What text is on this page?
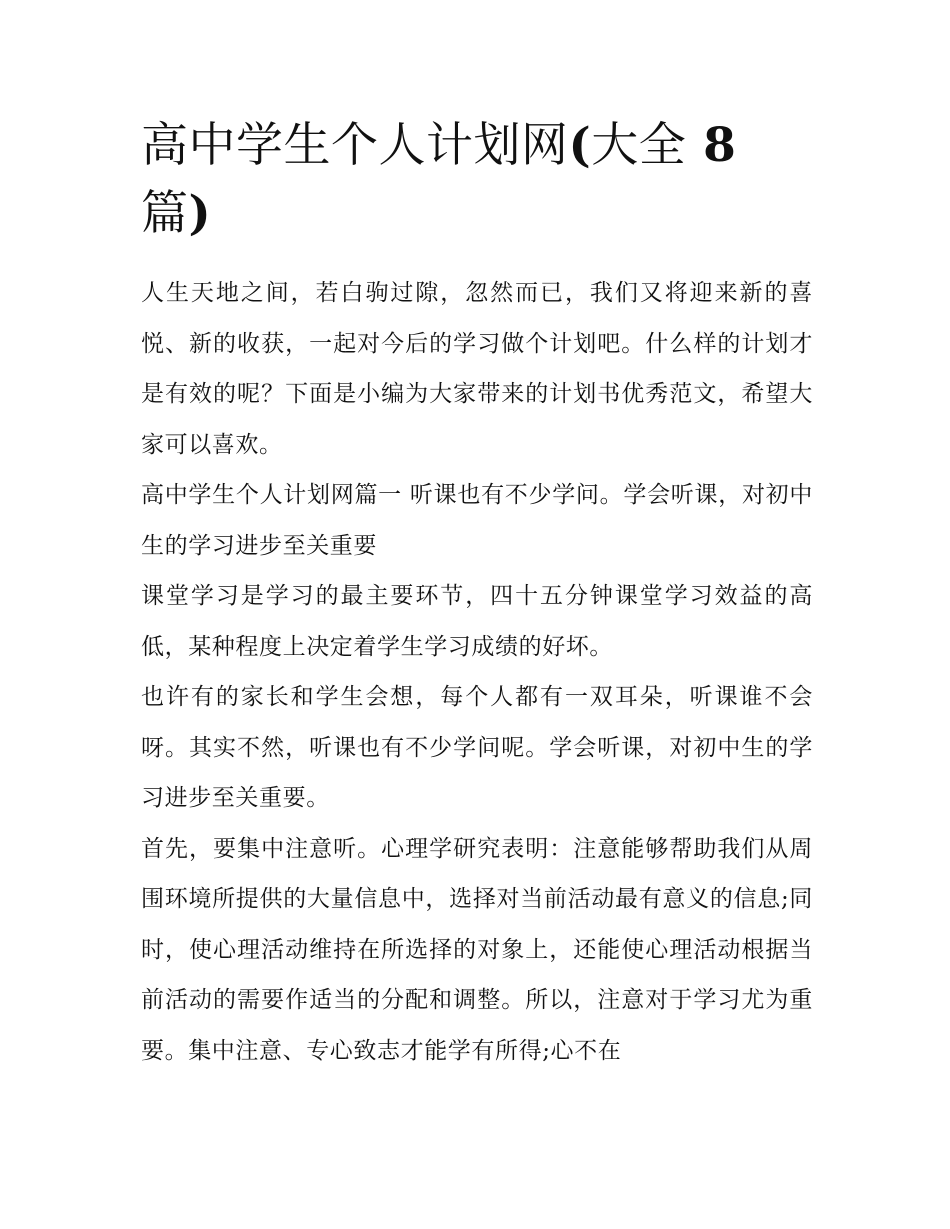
高中学生个人计划网(大全 8
篇)

人生天地之间，若白驹过隙，忽然而已，我们又将迎来新的喜悦、新的收获，一起对今后的学习做个计划吧。什么样的计划才是有效的呢？下面是小编为大家带来的计划书优秀范文，希望大家可以喜欢。

高中学生个人计划网篇一 听课也有不少学问。学会听课，对初中生的学习进步至关重要

课堂学习是学习的最主要环节，四十五分钟课堂学习效益的高低，某种程度上决定着学生学习成绩的好坏。

也许有的家长和学生会想，每个人都有一双耳朵，听课谁不会呀。其实不然，听课也有不少学问呢。学会听课，对初中生的学习进步至关重要。

首先，要集中注意听。心理学研究表明：注意能够帮助我们从周围环境所提供的大量信息中，选择对当前活动最有意义的信息;同时，使心理活动维持在所选择的对象上，还能使心理活动根据当前活动的需要作适当的分配和调整。所以，注意对于学习尤为重要。集中注意、专心致志才能学有所得;心不在
